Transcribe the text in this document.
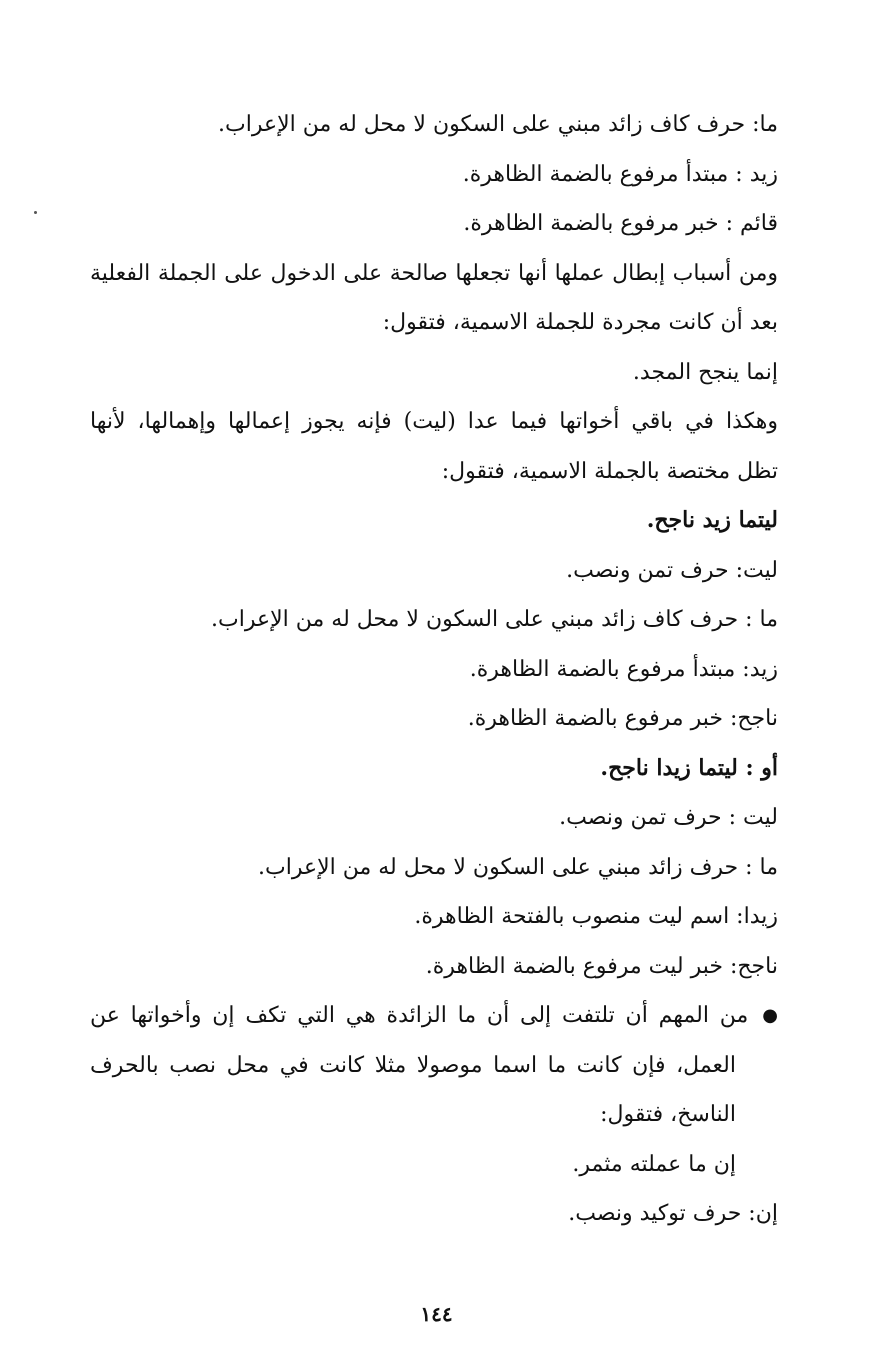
ما: حرف كاف زائد مبني على السكون لا محل له من الإعراب.
زيد : مبتدأ مرفوع بالضمة الظاهرة.
قائم : خبر مرفوع بالضمة الظاهرة.
ومن أسباب إبطال عملها أنها تجعلها صالحة على الدخول على الجملة الفعلية
بعد أن كانت مجردة للجملة الاسمية، فتقول:
إنما ينجح المجد.
وهكذا في باقي أخواتها فيما عدا (ليت) فإنه يجوز إعمالها وإهمالها، لأنها
تظل مختصة بالجملة الاسمية، فتقول:
ليتما زيد ناجح.
ليت: حرف تمن ونصب.
ما : حرف كاف زائد مبني على السكون لا محل له من الإعراب.
زيد: مبتدأ مرفوع بالضمة الظاهرة.
ناجح: خبر مرفوع بالضمة الظاهرة.
أو : ليتما زيدا ناجح.
ليت : حرف تمن ونصب.
ما : حرف زائد مبني على السكون لا محل له من الإعراب.
زيدا: اسم ليت منصوب بالفتحة الظاهرة.
ناجح: خبر ليت مرفوع بالضمة الظاهرة.
●
من المهم أن تلتفت إلى أن ما الزائدة هي التي تكف إن وأخواتها عن
العمل، فإن كانت ما اسما موصولا مثلا كانت في محل نصب بالحرف
الناسخ، فتقول:
إن ما عملته مثمر.
إن: حرف توكيد ونصب.
١٤٤
